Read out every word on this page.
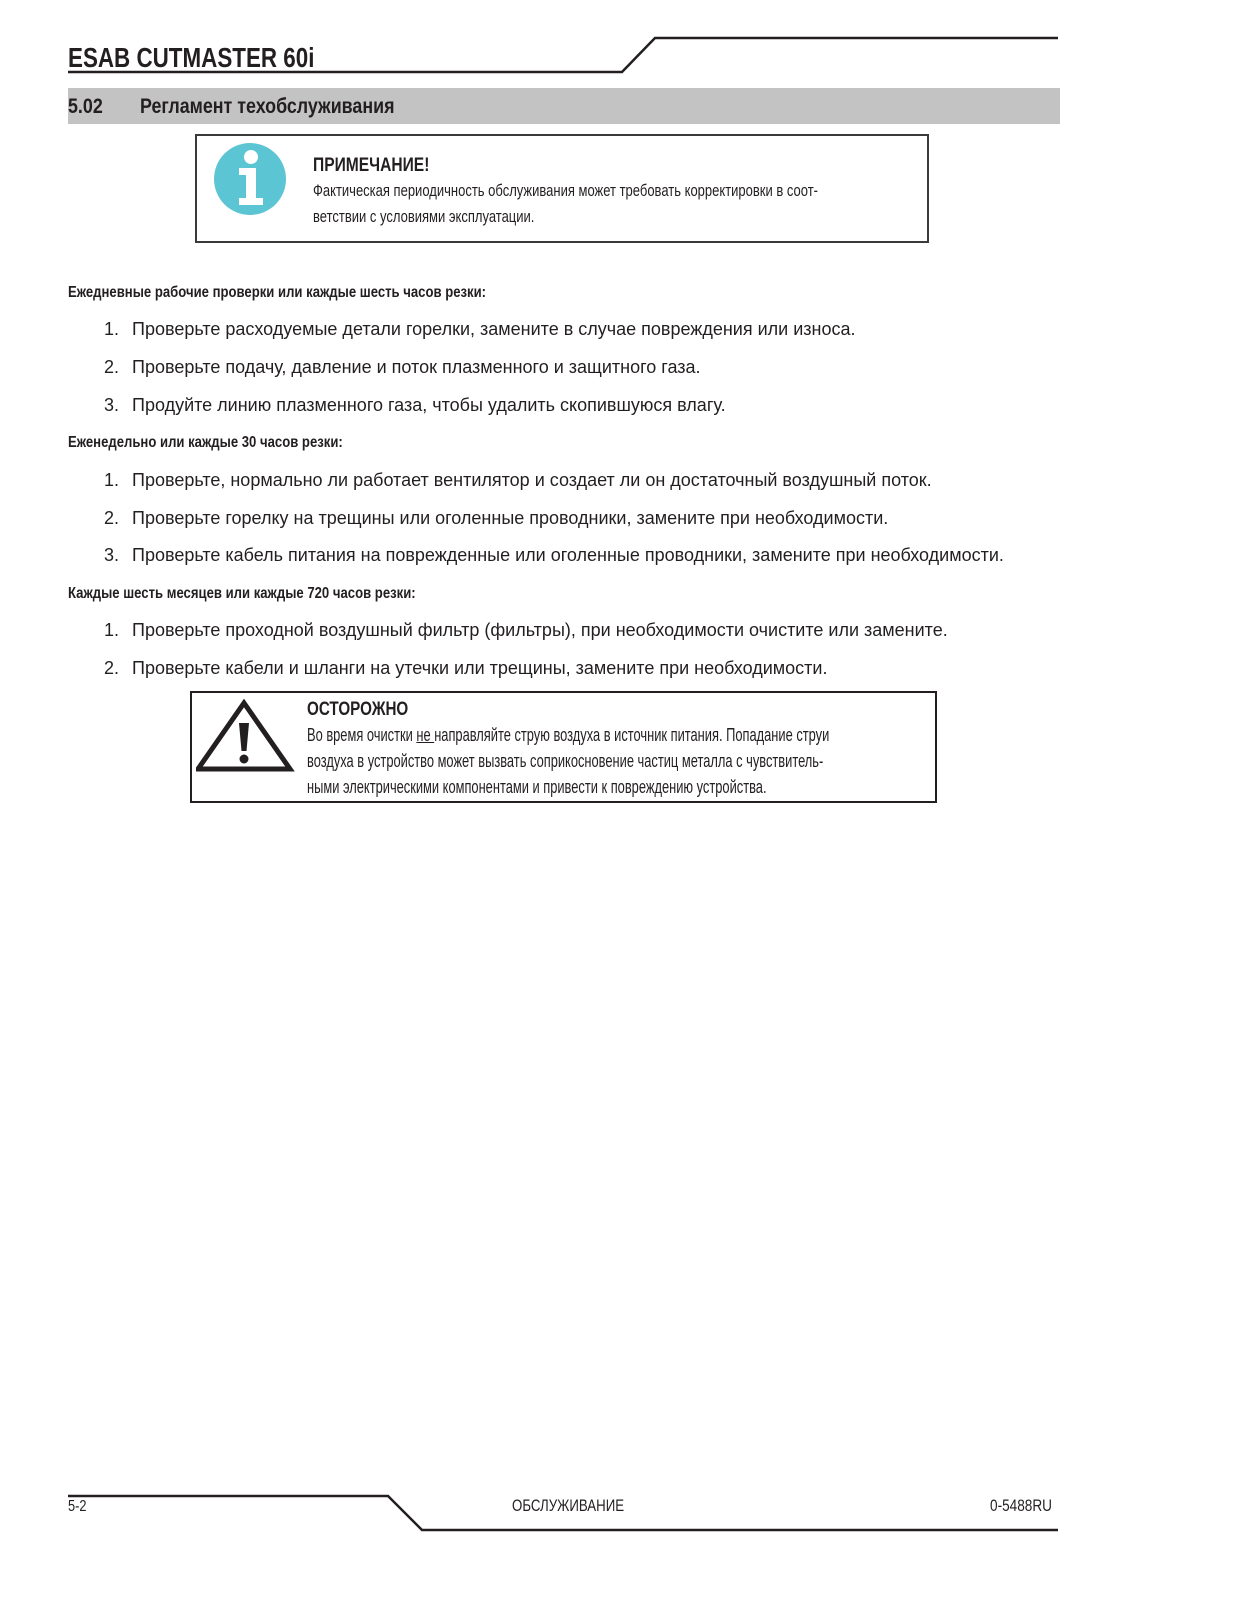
ESAB CUTMASTER 60i
5.02 Регламент техобслуживания
ПРИМЕЧАНИЕ!
Фактическая периодичность обслуживания может требовать корректировки в соот-
ветствии с условиями эксплуатации.
Ежедневные рабочие проверки или каждые шесть часов резки:
1. Проверьте расходуемые детали горелки, замените в случае повреждения или износа.
2. Проверьте подачу, давление и поток плазменного и защитного газа.
3. Продуйте линию плазменного газа, чтобы удалить скопившуюся влагу.
Еженедельно или каждые 30 часов резки:
1. Проверьте, нормально ли работает вентилятор и создает ли он достаточный воздушный поток.
2. Проверьте горелку на трещины или оголенные проводники, замените при необходимости.
3. Проверьте кабель питания на поврежденные или оголенные проводники, замените при необходимости.
Каждые шесть месяцев или каждые 720 часов резки:
1. Проверьте проходной воздушный фильтр (фильтры), при необходимости очистите или замените.
2. Проверьте кабели и шланги на утечки или трещины, замените при необходимости.
ОСТОРОЖНО
Во время очистки не направляйте струю воздуха в источник питания. Попадание струи
воздуха в устройство может вызвать соприкосновение частиц металла с чувствитель-
ными электрическими компонентами и привести к повреждению устройства.
5-2	ОБСЛУЖИВАНИЕ	0-5488RU
